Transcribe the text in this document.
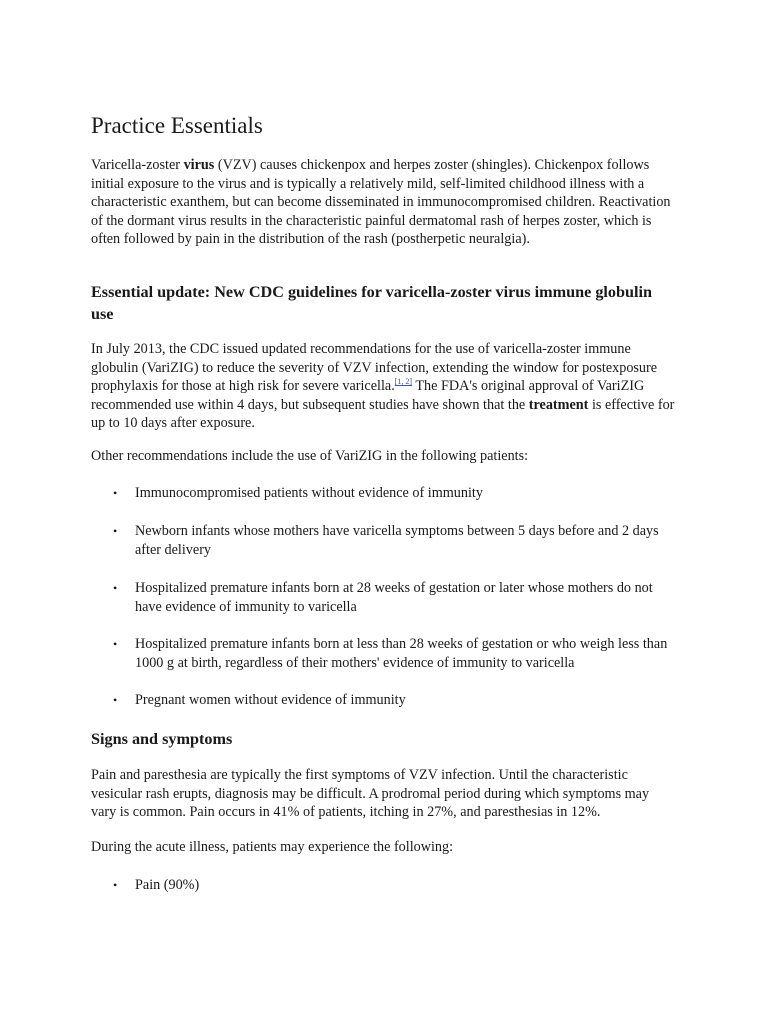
Practice Essentials

Varicella-zoster virus (VZV) causes chickenpox and herpes zoster (shingles). Chickenpox follows initial exposure to the virus and is typically a relatively mild, self-limited childhood illness with a characteristic exanthem, but can become disseminated in immunocompromised children. Reactivation of the dormant virus results in the characteristic painful dermatomal rash of herpes zoster, which is often followed by pain in the distribution of the rash (postherpetic neuralgia).

Essential update: New CDC guidelines for varicella-zoster virus immune globulin use

In July 2013, the CDC issued updated recommendations for the use of varicella-zoster immune globulin (VariZIG) to reduce the severity of VZV infection, extending the window for postexposure prophylaxis for those at high risk for severe varicella.[1, 2] The FDA's original approval of VariZIG recommended use within 4 days, but subsequent studies have shown that the treatment is effective for up to 10 days after exposure.

Other recommendations include the use of VariZIG in the following patients:

• Immunocompromised patients without evidence of immunity
• Newborn infants whose mothers have varicella symptoms between 5 days before and 2 days after delivery
• Hospitalized premature infants born at 28 weeks of gestation or later whose mothers do not have evidence of immunity to varicella
• Hospitalized premature infants born at less than 28 weeks of gestation or who weigh less than 1000 g at birth, regardless of their mothers' evidence of immunity to varicella
• Pregnant women without evidence of immunity
Signs and symptoms

Pain and paresthesia are typically the first symptoms of VZV infection. Until the characteristic vesicular rash erupts, diagnosis may be difficult. A prodromal period during which symptoms may vary is common. Pain occurs in 41% of patients, itching in 27%, and paresthesias in 12%.

During the acute illness, patients may experience the following:

• Pain (90%)
